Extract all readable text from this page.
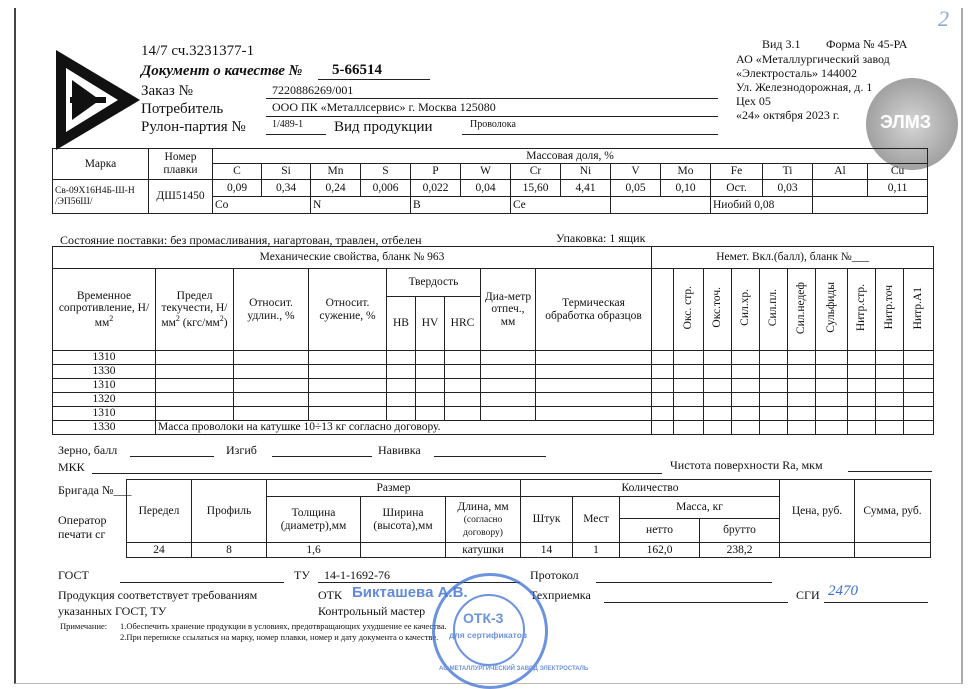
2
14/7 сч.3231377-1
Документ о качестве № 5-66514
Заказ №	7220886269/001
Потребитель	ООО ПК «Металлсервис» г. Москва 125080
Рулон-партия №	1/489-1 Вид продукции	Проволока
Вид 3.1 Форма № 45-РА
АО «Металлургический завод
«Электросталь» 144002
Ул. Железнодорожная, д. 1
Цех 05
«24» октября 2023 г. ЭЛМЗ
Марка	Номер плавки	Массовая доля, %													
		C	Si	Mn	S	P	W	Cr	Ni	V	Mo	Fe	Ti	Al	Cu
Св-09Х16Н4Б-Ш-Н
/ЭП56Ш/	ДШ51450	0,09	0,34	0,24	0,006	0,022	0,04	15,60	4,41	0,05	0,10	Ост.	0,03		0,11
		Co		N		B		Ce				Ниобий 0,08			
Состояние поставки: без промасливания, нагартован, травлен, отбелен	Упаковка: 1 ящик
Механические свойства, бланк № 963									Немет. Вкл.(балл), бланк №___									
Временное сопротивление, $Н/мм^2$	Предел текучести, $Н/мм^2$ $(кгс/мм^2)$	Относит. удлин., %	Относит. сужение, %	Твердость			Диа-метр отпеч., мм	Термическая обработка образцов		Окс. стр.	Окс.точ.	Сил.хр.	Сил.пл.	Сил.недеф	Сульфиды	Нитр.стр.	Нитр.точ	Нитр.А1
				HB	HV	HRC												
1310																		
1330																		
1310																		
1320																		
1310																		
1330	Масса проволоки на катушке 10÷13 кг согласно договору.																	
Зерно, балл	Изгиб	Навивка
МКК	Чистота поверхности Ra, мкм
Бригада №___
Оператор печати сг
Передел	Профиль	Размер			Количество				Цена, руб.	Сумма, руб.
		Толщина (диаметр),мм	Ширина (высота),мм	Длина, мм
(согласно договору)	Штук	Мест	Масса, кг			
							нетто	брутто		
24	8	1,6		катушки	14	1	162,0	238,2		
ГОСТ	ТУ 14-1-1692-76	Протокол
Продукция соответствует требованиям
указанных ГОСТ, ТУ
ОТК Бикташева А.В.
Контрольный мастер
Техприемка	СГИ 2470
Примечание: 1.Обеспечить хранение продукции в условиях, предотвращающих ухудшение ее качества.
2.При переписке ссылаться на марку, номер плавки, номер и дату документа о качестве.
ОТК-3
для сертификатов
АО МЕТАЛЛУРГИЧЕСКИЙ ЗАВОД ЭЛЕКТРОСТАЛЬ
